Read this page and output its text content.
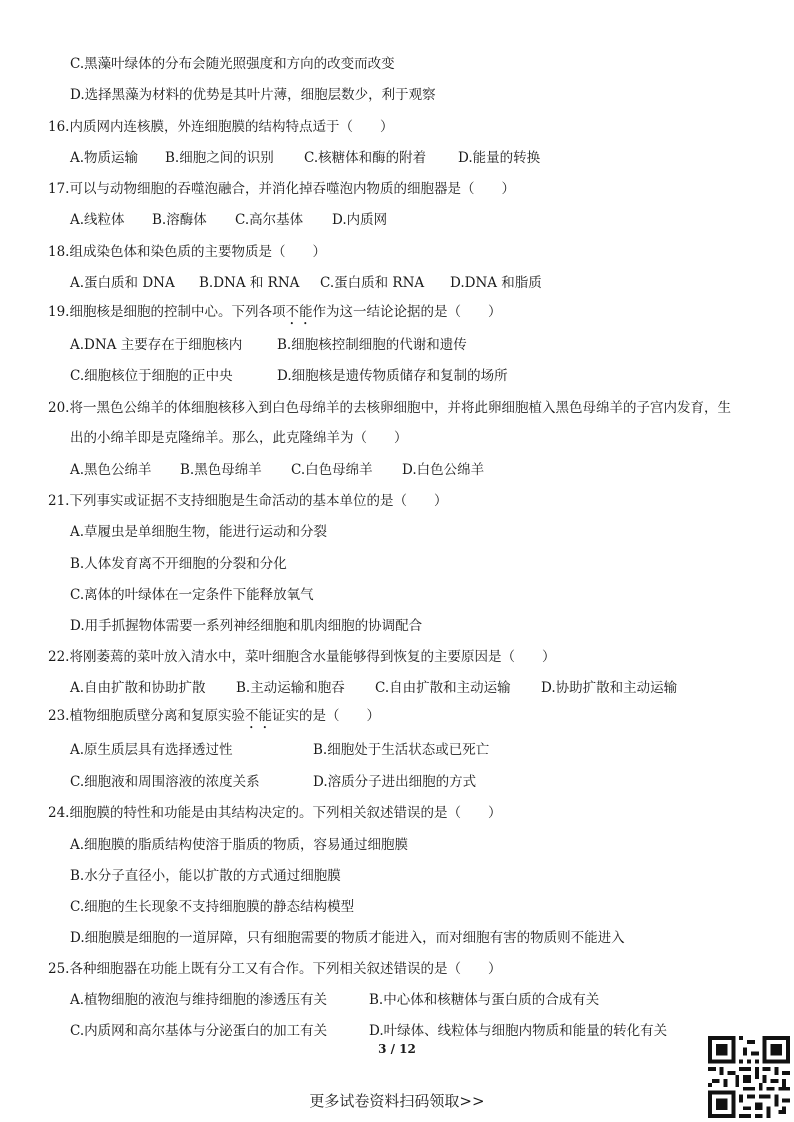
C.黑藻叶绿体的分布会随光照强度和方向的改变而改变
D.选择黑藻为材料的优势是其叶片薄，细胞层数少，利于观察
16.内质网内连核膜，外连细胞膜的结构特点适于（　　）
A.物质运输 B.细胞之间的识别 C.核糖体和酶的附着 D.能量的转换
17.可以与动物细胞的吞噬泡融合，并消化掉吞噬泡内物质的细胞器是（　　）
A.线粒体 B.溶酶体 C.高尔基体 D.内质网
18.组成染色体和染色质的主要物质是（　　）
A.蛋白质和 DNA B.DNA 和 RNA C.蛋白质和 RNA D.DNA 和脂质
19.细胞核是细胞的控制中心。下列各项不能作为这一结论论据的是（　　）
A.DNA 主要存在于细胞核内	B.细胞核控制细胞的代谢和遗传
C.细胞核位于细胞的正中央	D.细胞核是遗传物质储存和复制的场所
20.将一黑色公绵羊的体细胞核移入到白色母绵羊的去核卵细胞中，并将此卵细胞植入黑色母绵羊的子宫内发育，生
出的小绵羊即是克隆绵羊。那么，此克隆绵羊为（　　）
A.黑色公绵羊 B.黑色母绵羊 C.白色母绵羊 D.白色公绵羊
21.下列事实或证据不支持细胞是生命活动的基本单位的是（　　）
A.草履虫是单细胞生物，能进行运动和分裂
B.人体发育离不开细胞的分裂和分化
C.离体的叶绿体在一定条件下能释放氧气
D.用手抓握物体需要一系列神经细胞和肌肉细胞的协调配合
22.将刚萎蔫的菜叶放入清水中，菜叶细胞含水量能够得到恢复的主要原因是（　　）
A.自由扩散和协助扩散 B.主动运输和胞吞 C.自由扩散和主动运输 D.协助扩散和主动运输
23.植物细胞质壁分离和复原实验不能证实的是（　　）
A.原生质层具有选择透过性	B.细胞处于生活状态或已死亡
C.细胞液和周围溶液的浓度关系	D.溶质分子进出细胞的方式
24.细胞膜的特性和功能是由其结构决定的。下列相关叙述错误的是（　　）
A.细胞膜的脂质结构使溶于脂质的物质，容易通过细胞膜
B.水分子直径小，能以扩散的方式通过细胞膜
C.细胞的生长现象不支持细胞膜的静态结构模型
D.细胞膜是细胞的一道屏障，只有细胞需要的物质才能进入，而对细胞有害的物质则不能进入
25.各种细胞器在功能上既有分工又有合作。下列相关叙述错误的是（　　）
A.植物细胞的液泡与维持细胞的渗透压有关	B.中心体和核糖体与蛋白质的合成有关
C.内质网和高尔基体与分泌蛋白的加工有关	D.叶绿体、线粒体与细胞内物质和能量的转化有关
3 / 12
更多试卷资料扫码领取>>
